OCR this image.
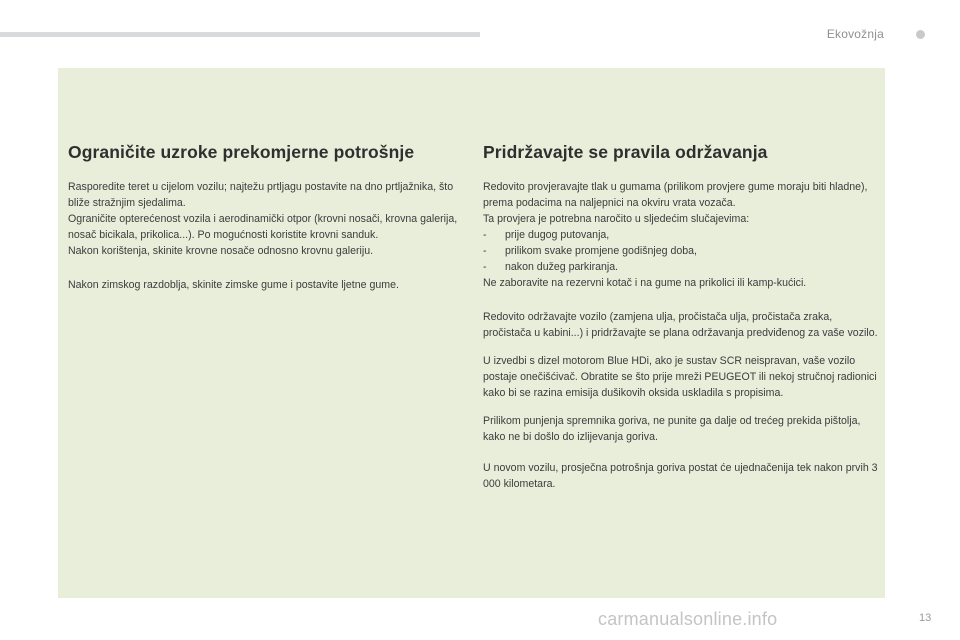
Ekovožnja
Ograničite uzroke prekomjerne potrošnje

Rasporedite teret u cijelom vozilu; najtežu prtljagu postavite na dno prtljažnika, što bliže stražnjim sjedalima.

Ograničite opterećenost vozila i aerodinamički otpor (krovni nosači, krovna galerija, nosač bicikala, prikolica...). Po mogućnosti koristite krovni sanduk.

Nakon korištenja, skinite krovne nosače odnosno krovnu galeriju.

Nakon zimskog razdoblja, skinite zimske gume i postavite ljetne gume.

Pridržavajte se pravila održavanja

Redovito provjeravajte tlak u gumama (prilikom provjere gume moraju biti hladne), prema podacima na naljepnici na okviru vrata vozača.

Ta provjera je potrebna naročito u sljedećim slučajevima:

-	prije dugog putovanja,

-	prilikom svake promjene godišnjeg doba,

-	nakon dužeg parkiranja.

Ne zaboravite na rezervni kotač i na gume na prikolici ili kamp-kućici.

Redovito održavajte vozilo (zamjena ulja, pročistača ulja, pročistača zraka, pročistača u kabini...) i pridržavajte se plana održavanja predviđenog za vaše vozilo.

U izvedbi s dizel motorom Blue HDi, ako je sustav SCR neispravan, vaše vozilo postaje onečišćivač. Obratite se što prije mreži PEUGEOT ili nekoj stručnoj radionici kako bi se razina emisija dušikovih oksida uskladila s propisima.

Prilikom punjenja spremnika goriva, ne punite ga dalje od trećeg prekida pištolja, kako ne bi došlo do izlijevanja goriva.

U novom vozilu, prosječna potrošnja goriva postat će ujednačenija tek nakon prvih 3 000 kilometara.

carmanualsonline.info	13
